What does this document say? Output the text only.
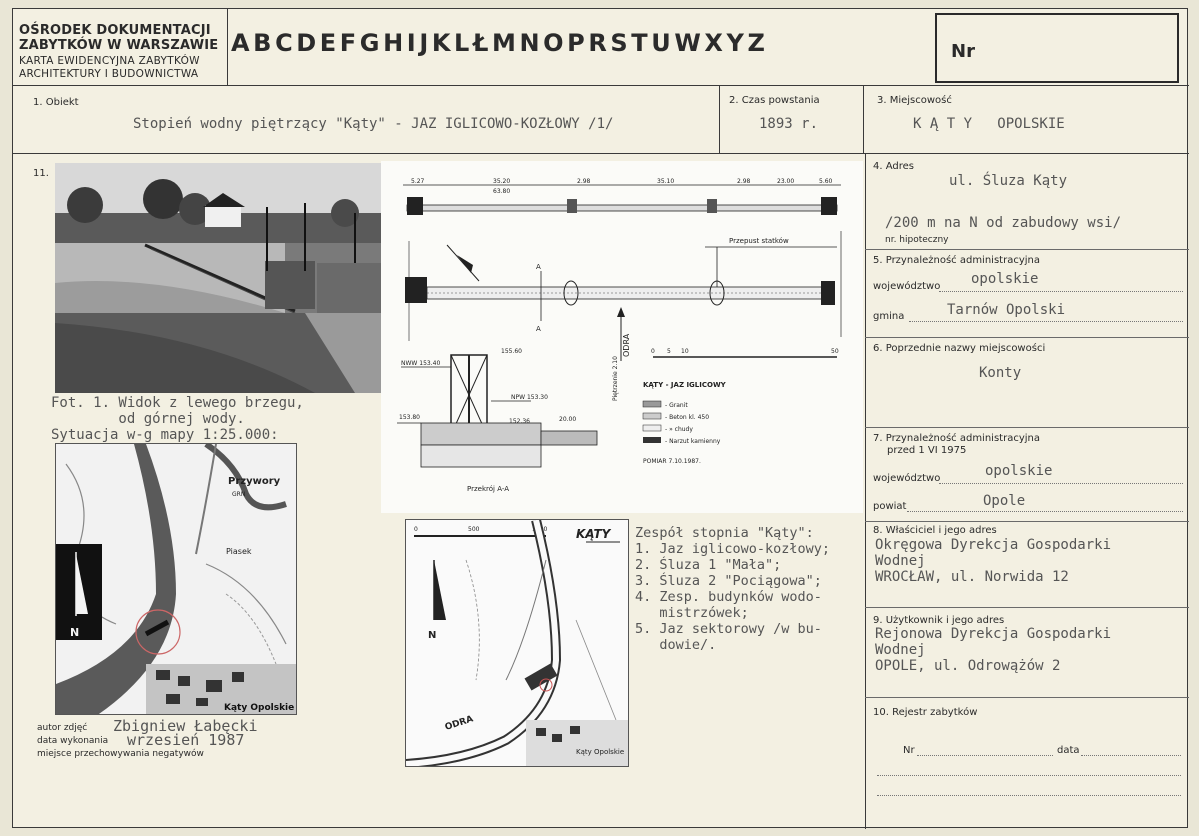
OŚRODEK DOKUMENTACJI
ZABYTKÓW W WARSZAWIE
KARTA EWIDENCYJNA ZABYTKÓW
ARCHITEKTURY I BUDOWNICTWA
A B C D E F G H I J K L Ł M N O P R S T U W X Y Z	Nr
1. Obiekt
Stopień wodny piętrzący "Kąty" - JAZ IGLICOWO-KOZŁOWY /1/
2. Czas powstania
1893 r.
3. Miejscowość
K Ą T Y   OPOLSKIE
11.
Fot. 1. Widok z lewego brzegu,
od górnej wody.
Sytuacja w-g mapy 1:25.000:
N
Przywory
GRN
Piasek
Kąty Opolskie
5.27	35.20	2.98	35.10	2.98	23.00	5.60
63.80
Przepust statków
A
A
ODRA	0 5 10	50
NWW 153.40
155.60
153.80
NPW 153.30
152.36	20.00
Piętrzenie 2.10
Przekrój A-A
KĄTY - JAZ IGLICOWY
- Granit
- Beton kl. 450
- » chudy
- Narzut kamienny
POMIAR 7.10.1987.
0	500	1000 KĄTY
N
ODRA
Kąty Opolskie
Zespół stopnia "Kąty":
1. Jaz iglicowo-kozłowy;
2. Śluza 1 "Mała";
3. Śluza 2 "Pociągowa";
4. Zesp. budynków wodo-
mistrzówek;
5. Jaz sektorowy /w bu-
dowie/.
autor zdjęć Zbigniew Łabęcki
data wykonania wrzesień 1987
miejsce przechowywania negatywów
4. Adres
ul. Śluza Kąty
/200 m na N od zabudowy wsi/
nr. hipoteczny
5. Przynależność administracyjna
województwo opolskie
gmina	Tarnów Opolski
6. Poprzednie nazwy miejscowości
Konty
7. Przynależność administracyjna
przed 1 VI 1975
województwo	opolskie
powiat	Opole
8. Właściciel i jego adres
Okręgowa Dyrekcja Gospodarki
Wodnej
WROCŁAW, ul. Norwida 12
9. Użytkownik i jego adres
Rejonowa Dyrekcja Gospodarki
Wodnej
OPOLE, ul. Odrowążów 2
10. Rejestr zabytków
Nr	data
